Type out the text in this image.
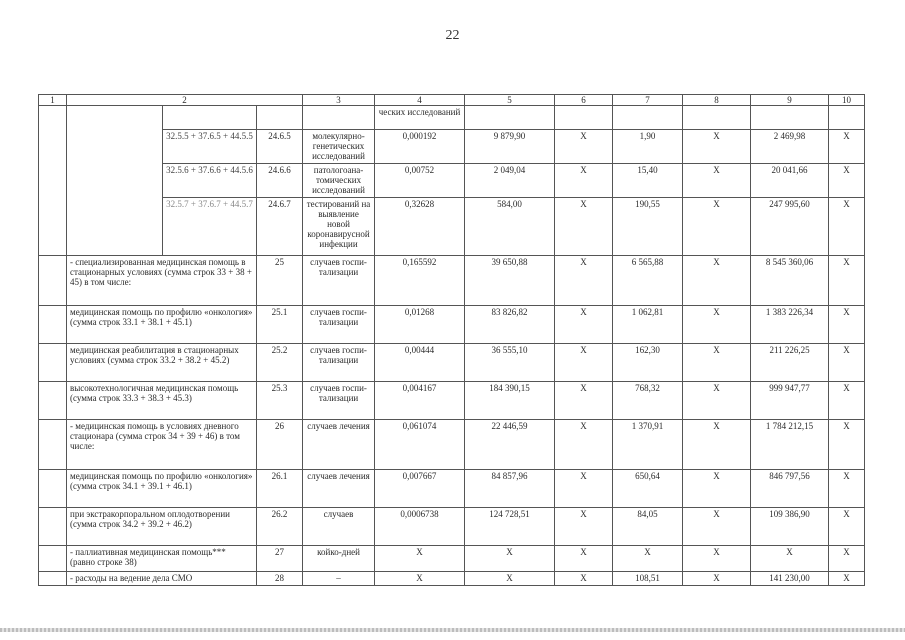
22
1	2			3	4	5	6	7	8	9	10	
					ческих исследований							
		32.5.5 + 37.6.5 + 44.5.5	24.6.5	молекулярно-генетических исследований	0,000192	9 879,90	X	1,90	X	2 469,98	X	
		32.5.6 + 37.6.6 + 44.5.6	24.6.6	патологоана-томических исследований	0,00752	2 049,04	X	15,40	X	20 041,66	X	
		32.5.7 + 37.6.7 + 44.5.7	24.6.7	тестирований на выявление новой коронавирусной инфекции	0,32628	584,00	X	190,55	X	247 995,60	X	
	- специализированная медицинская помощь в стационарных условиях (сумма строк 33 + 38 + 45) в том числе:		25	случаев госпи-тализации	0,165592	39 650,88	X	6 565,88	X	8 545 360,06	X	
	медицинская помощь по профилю «онкология» (сумма строк 33.1 + 38.1 + 45.1)		25.1	случаев госпи-тализации	0,01268	83 826,82	X	1 062,81	X	1 383 226,34	X	
	медицинская реабилитация в стационарных условиях (сумма строк 33.2 + 38.2 + 45.2)		25.2	случаев госпи-тализации	0,00444	36 555,10	X	162,30	X	211 226,25	X	
	высокотехнологичная медицинская помощь (сумма строк 33.3 + 38.3 + 45.3)		25.3	случаев госпи-тализации	0,004167	184 390,15	X	768,32	X	999 947,77	X	
	- медицинская помощь в условиях дневного стационара (сумма строк 34 + 39 + 46) в том числе:		26	случаев лечения	0,061074	22 446,59	X	1 370,91	X	1 784 212,15	X	
	медицинская помощь по профилю «онкология» (сумма строк 34.1 + 39.1 + 46.1)		26.1	случаев лечения	0,007667	84 857,96	X	650,64	X	846 797,56	X	
	при экстракорпоральном оплодотворении (сумма строк 34.2 + 39.2 + 46.2)		26.2	случаев	0,0006738	124 728,51	X	84,05	X	109 386,90	X	
	- паллиативная медицинская помощь*** (равно строке 38)		27	койко-дней	X	X	X	X	X	X	X	
	- расходы на ведение дела СМО		28	–	X	X	X	108,51	X	141 230,00	X	
